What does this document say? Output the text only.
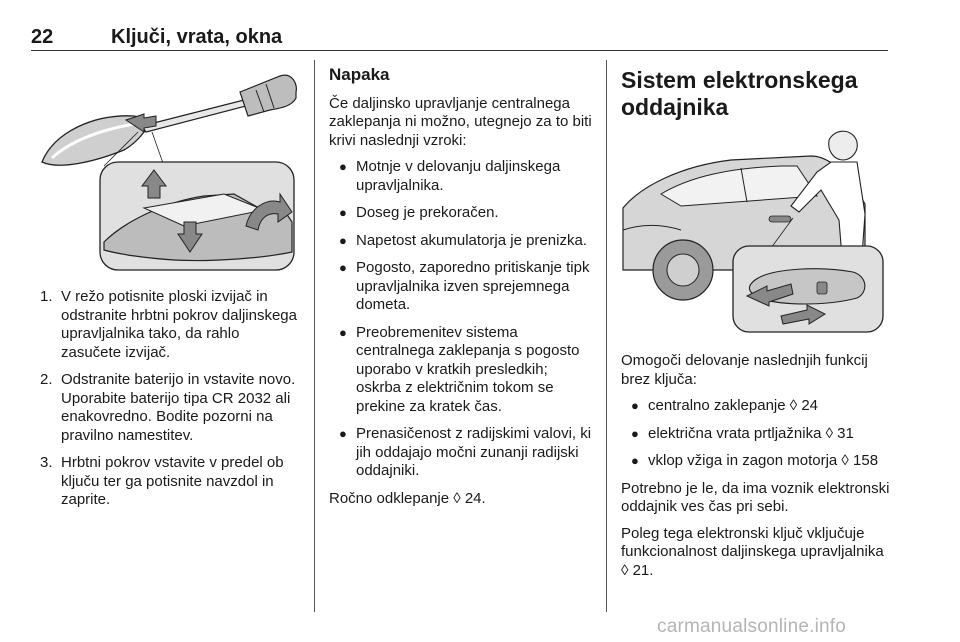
22	Ključi, vrata, okna
1. V režo potisnite ploski izvijač in odstranite hrbtni pokrov daljinskega upravljalnika tako, da rahlo zasučete izvijač.
2. Odstranite baterijo in vstavite novo. Uporabite baterijo tipa CR 2032 ali enakovredno. Bodite pozorni na pravilno namestitev.
3. Hrbtni pokrov vstavite v predel ob ključu ter ga potisnite navzdol in zaprite.
Napaka

Če daljinsko upravljanje centralnega zaklepanja ni možno, utegnejo za to biti krivi naslednji vzroki:

● Motnje v delovanju daljinskega upravljalnika.
● Doseg je prekoračen.
● Napetost akumulatorja je prenizka.
● Pogosto, zaporedno pritiskanje tipk upravljalnika izven sprejemnega dometa.
● Preobremenitev sistema centralnega zaklepanja s pogosto uporabo v kratkih presledkih; oskrba z električnim tokom se prekine za kratek čas.
● Prenasičenost z radijskimi valovi, ki jih oddajajo močni zunanji radijski oddajniki.

Ročno odklepanje ◊ 24.

Sistem elektronskega oddajnika

Omogoči delovanje naslednjih funkcij brez ključa:

● centralno zaklepanje ◊ 24
● električna vrata prtljažnika ◊ 31
● vklop vžiga in zagon motorja ◊ 158

Potrebno je le, da ima voznik elektronski oddajnik ves čas pri sebi.

Poleg tega elektronski ključ vključuje funkcionalnost daljinskega upravljalnika ◊ 21.

carmanualsonline.info
